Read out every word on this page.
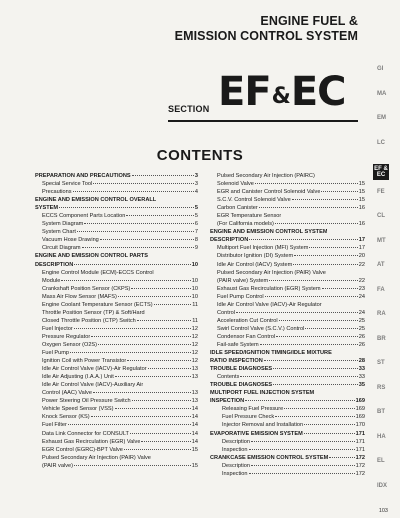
ENGINE FUEL &
EMISSION CONTROL SYSTEM
SECTION EF&EC
CONTENTS
PREPARATION AND PRECAUTIONS	3
Special Service Tool	3
Precautions	4
ENGINE AND EMISSION CONTROL OVERALL
SYSTEM	5
ECCS Component Parts Location	5
System Diagram	6
System Chart	7
Vacuum Hose Drawing	8
Circuit Diagram	9
ENGINE AND EMISSION CONTROL PARTS
DESCRIPTION	10
Engine Control Module (ECM)-ECCS Control
Module	10
Crankshaft Position Sensor (CKPS)	10
Mass Air Flow Sensor (MAFS)	10
Engine Coolant Temperature Sensor (ECTS)	11
Throttle Position Sensor (TP) & Soft/Hard
Closed Throttle Position (CTP) Switch	11
Fuel Injector	12
Pressure Regulator	12
Oxygen Sensor (O2S)	12
Fuel Pump	12
Ignition Coil with Power Transistor	12
Idle Air Control Valve (IACV)-Air Regulator	13
Idle Air Adjusting (I.A.A.) Unit	13
Idle Air Control Valve (IACV)-Auxiliary Air
Control (AAC) Valve	13
Power Steering Oil Pressure Switch	13
Vehicle Speed Sensor (VSS)	14
Knock Sensor (KS)	14
Fuel Filter	14
Data Link Connector for CONSULT	14
Exhaust Gas Recirculation (EGR) Valve	14
EGR Control (EGRC)-BPT Valve	15
Pulsed Secondary Air Injection (PAIR) Valve
(PAIR valve)	15
Pulsed Secondary Air Injection (PAIRC)
Solenoid Valve	15
EGR and Canister Control Solenoid Valve	15
S.C.V. Control Solenoid Valve	15
Carbon Canister	16
EGR Temperature Sensor
(For California models)	16
ENGINE AND EMISSION CONTROL SYSTEM
DESCRIPTION	17
Multiport Fuel Injection (MFI) System	17
Distributor Ignition (DI) System	20
Idle Air Control (IACV) System	22
Pulsed Secondary Air Injection (PAIR) Valve
(PAIR valve) System	22
Exhaust Gas Recirculation (EGR) System	23
Fuel Pump Control	24
Idle Air Control Valve (IACV)-Air Regulator
Control	24
Acceleration Cut Control	25
Swirl Control Valve (S.C.V.) Control	25
Condensor Fan Control	26
Fail-safe System	26
IDLE SPEED/IGNITION TIMING/IDLE MIXTURE
RATIO INSPECTION	28
TROUBLE DIAGNOSES	33
Contents	33
TROUBLE DIAGNOSES	35
MULTIPORT FUEL INJECTION SYSTEM
INSPECTION	169
Releasing Fuel Pressure	169
Fuel Pressure Check	169
Injector Removal and Installation	170
EVAPORATIVE EMISSION SYSTEM	171
Description	171
Inspection	171
CRANKCASE EMISSION CONTROL SYSTEM	172
Description	172
Inspection	172
GI
MA
EM
LC
EF & EC
FE
CL
MT
AT
FA
RA
BR
ST
RS
BT
HA
EL
IDX
103
